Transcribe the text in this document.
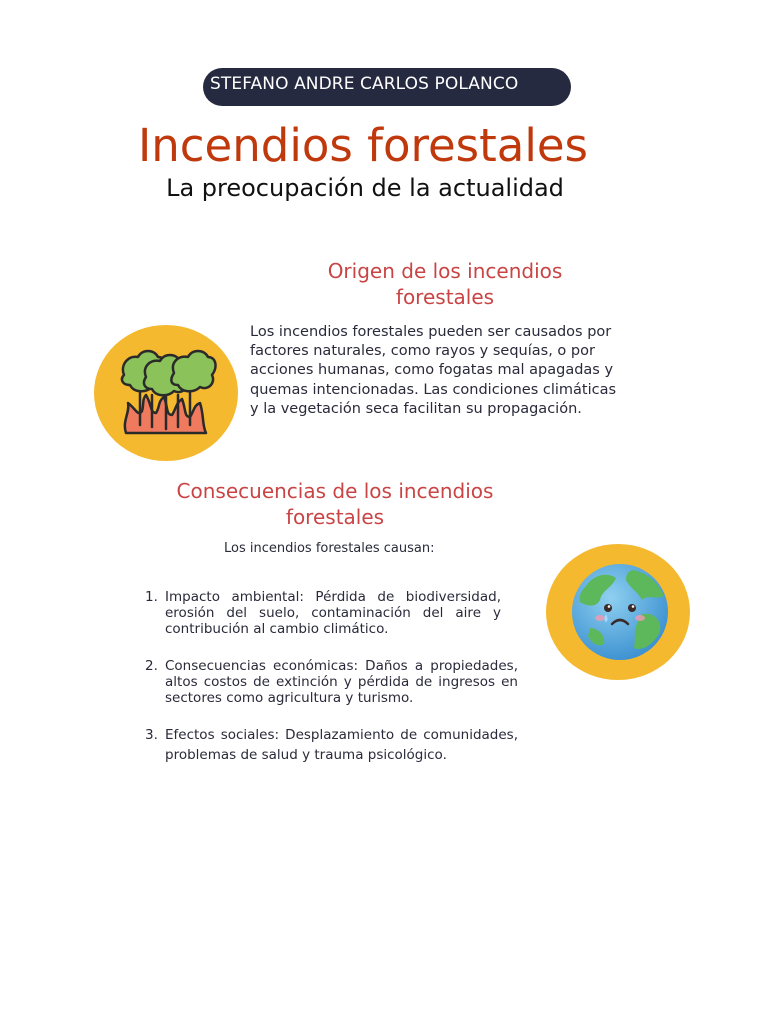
STEFANO ANDRE CARLOS POLANCO
Incendios forestales
La preocupación de la actualidad
Origen de los incendios forestales
Los incendios forestales pueden ser causados por factores naturales, como rayos y sequías, o por acciones humanas, como fogatas mal apagadas y quemas intencionadas. Las condiciones climáticas y la vegetación seca facilitan su propagación.
Consecuencias de los incendios forestales
Los incendios forestales causan:
1. Impacto ambiental: Pérdida de biodiversidad, erosión del suelo, contaminación del aire y contribución al cambio climático.
2. Consecuencias económicas: Daños a propiedades, altos costos de extinción y pérdida de ingresos en sectores como agricultura y turismo.
3. Efectos sociales: Desplazamiento de comunidades, problemas de salud y trauma psicológico.
